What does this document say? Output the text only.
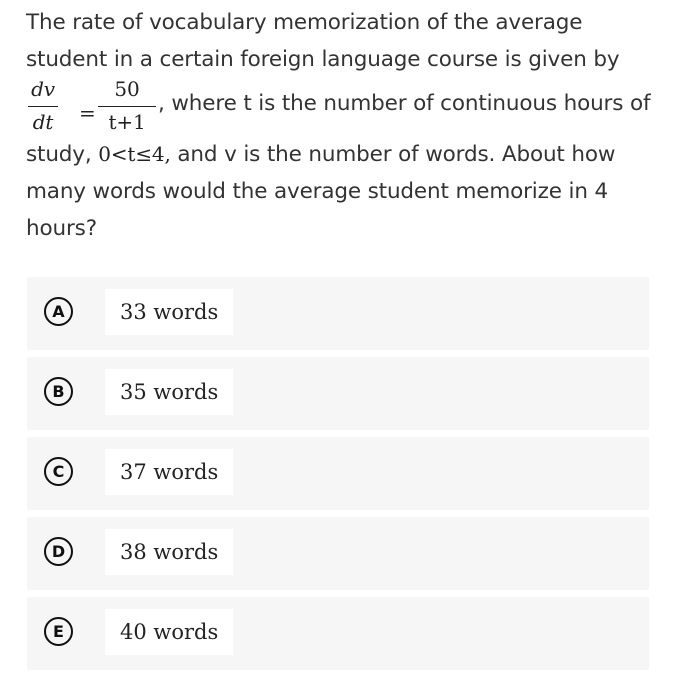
The rate of vocabulary memorization of the average
student in a certain foreign language course is given by
dv
dt =
50
t+1
, where t is the number of continuous hours of
study, 0<t≤4, and v is the number of words. About how
many words would the average student memorize in 4
hours?
A	33 words
B	35 words
C	37 words
D	38 words
E	40 words
